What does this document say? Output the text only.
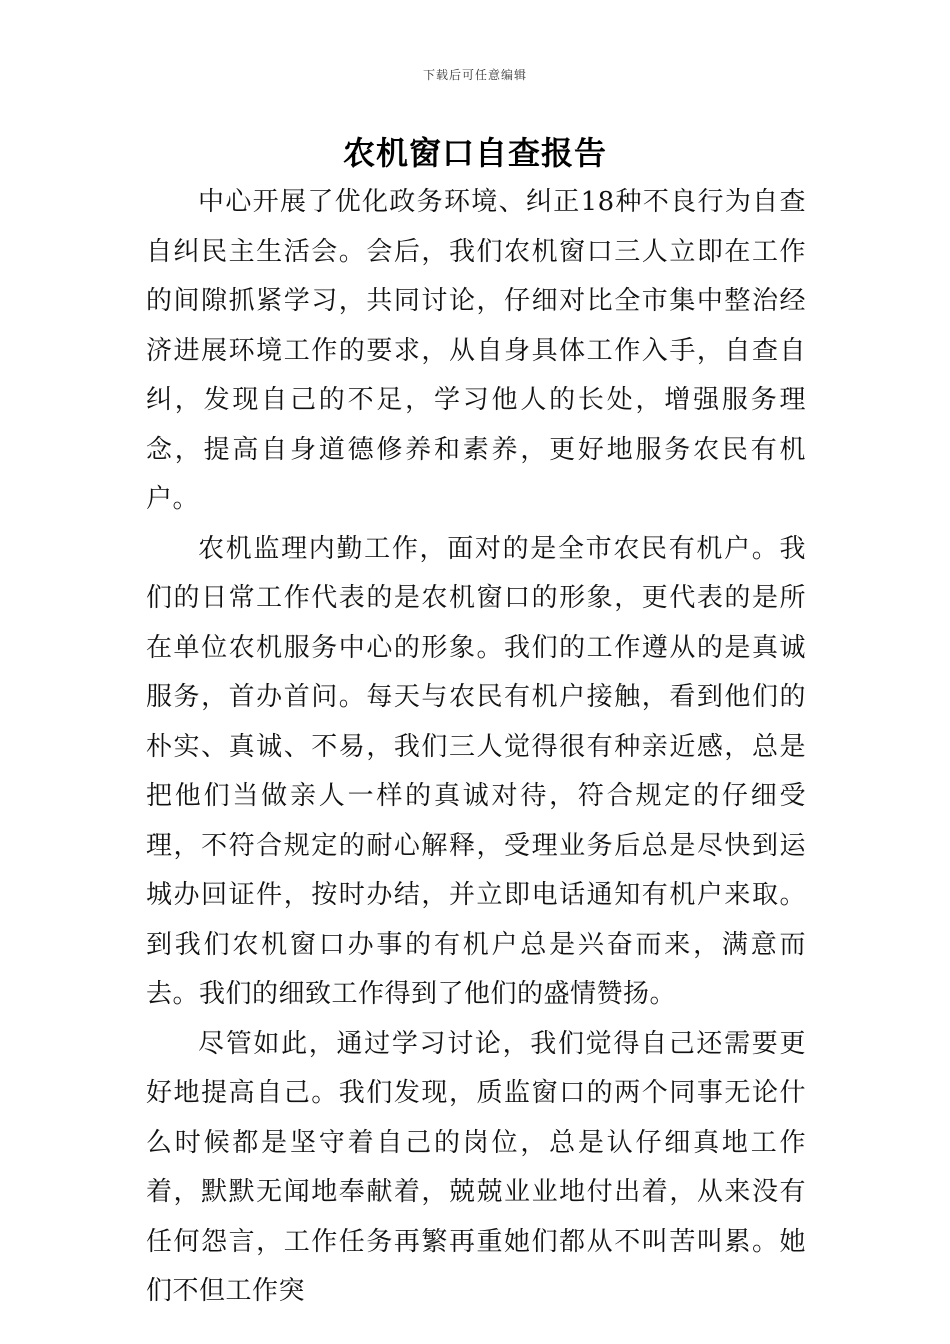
下载后可任意编辑
农机窗口自查报告

中心开展了优化政务环境、纠正18种不良行为自查自纠民主生活会。会后，我们农机窗口三人立即在工作的间隙抓紧学习，共同讨论，仔细对比全市集中整治经济进展环境工作的要求，从自身具体工作入手，自查自纠，发现自己的不足，学习他人的长处，增强服务理念，提高自身道德修养和素养，更好地服务农民有机户。

农机监理内勤工作，面对的是全市农民有机户。我们的日常工作代表的是农机窗口的形象，更代表的是所在单位农机服务中心的形象。我们的工作遵从的是真诚服务，首办首问。每天与农民有机户接触，看到他们的朴实、真诚、不易，我们三人觉得很有种亲近感，总是把他们当做亲人一样的真诚对待，符合规定的仔细受理，不符合规定的耐心解释，受理业务后总是尽快到运城办回证件，按时办结，并立即电话通知有机户来取。到我们农机窗口办事的有机户总是兴奋而来，满意而去。我们的细致工作得到了他们的盛情赞扬。

尽管如此，通过学习讨论，我们觉得自己还需要更好地提高自己。我们发现，质监窗口的两个同事无论什么时候都是坚守着自己的岗位，总是认仔细真地工作着，默默无闻地奉献着，兢兢业业地付出着，从来没有任何怨言，工作任务再繁再重她们都从不叫苦叫累。她们不但工作突
